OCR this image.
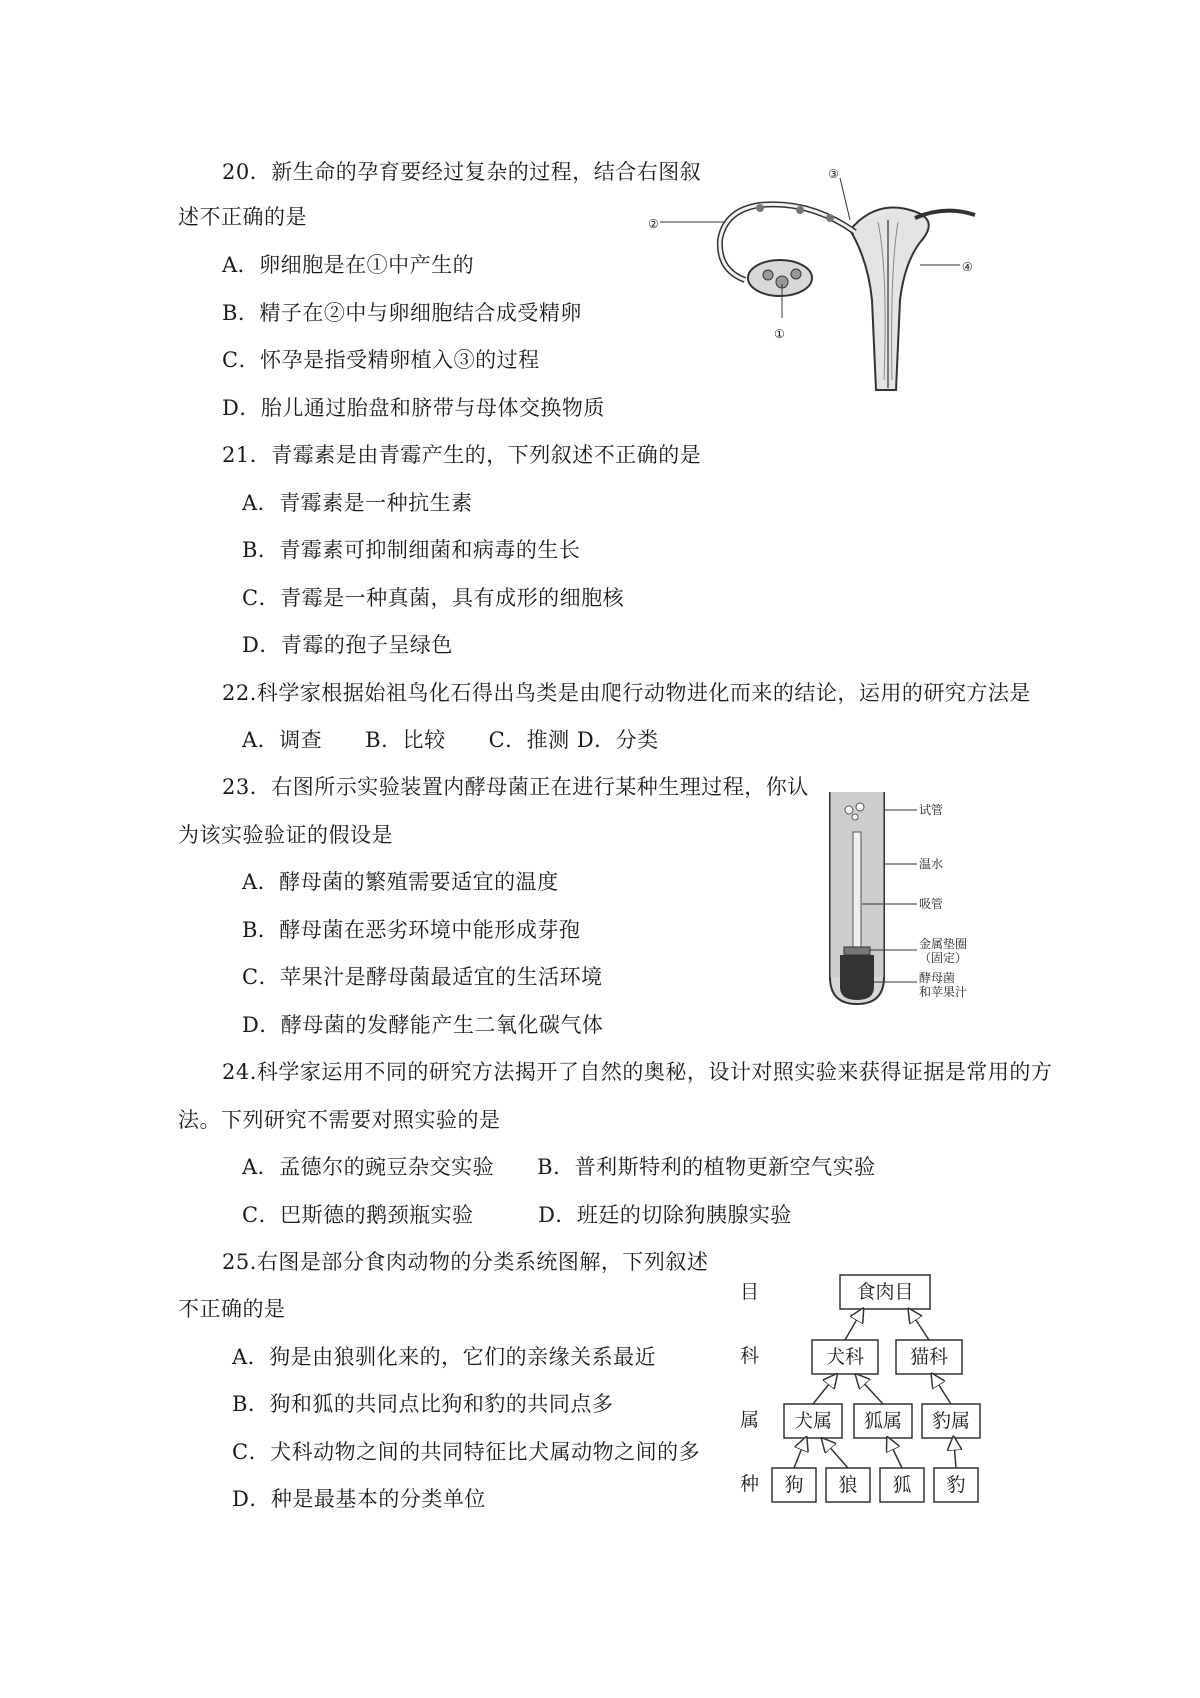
20．新生命的孕育要经过复杂的过程，结合右图叙
述不正确的是
A．卵细胞是在①中产生的
B．精子在②中与卵细胞结合成受精卵
C．怀孕是指受精卵植入③的过程
D．胎儿通过胎盘和脐带与母体交换物质
②
③
④
①
21．青霉素是由青霉产生的，下列叙述不正确的是
A．青霉素是一种抗生素
B．青霉素可抑制细菌和病毒的生长
C．青霉是一种真菌，具有成形的细胞核
D．青霉的孢子呈绿色
22.科学家根据始祖鸟化石得出鸟类是由爬行动物进化而来的结论，运用的研究方法是
A．调查　　B．比较　　C．推测 D．分类
23．右图所示实验装置内酵母菌正在进行某种生理过程，你认
为该实验验证的假设是
A．酵母菌的繁殖需要适宜的温度
B．酵母菌在恶劣环境中能形成芽孢
C．苹果汁是酵母菌最适宜的生活环境
D．酵母菌的发酵能产生二氧化碳气体
试管
温水
吸管
金属垫圈
（固定）
酵母菌
和苹果汁
24.科学家运用不同的研究方法揭开了自然的奥秘，设计对照实验来获得证据是常用的方
法。下列研究不需要对照实验的是
A．孟德尔的豌豆杂交实验　　B．普利斯特利的植物更新空气实验
C．巴斯德的鹅颈瓶实验　　　D．班廷的切除狗胰腺实验
25.右图是部分食肉动物的分类系统图解，下列叙述
不正确的是
A．狗是由狼驯化来的，它们的亲缘关系最近
B．狗和狐的共同点比狗和豹的共同点多
C．犬科动物之间的共同特征比犬属动物之间的多
D．种是最基本的分类单位
目
科
属
种
食肉目
犬科 猫科
犬属 狐属 豹属
狗 狼 狐 豹
